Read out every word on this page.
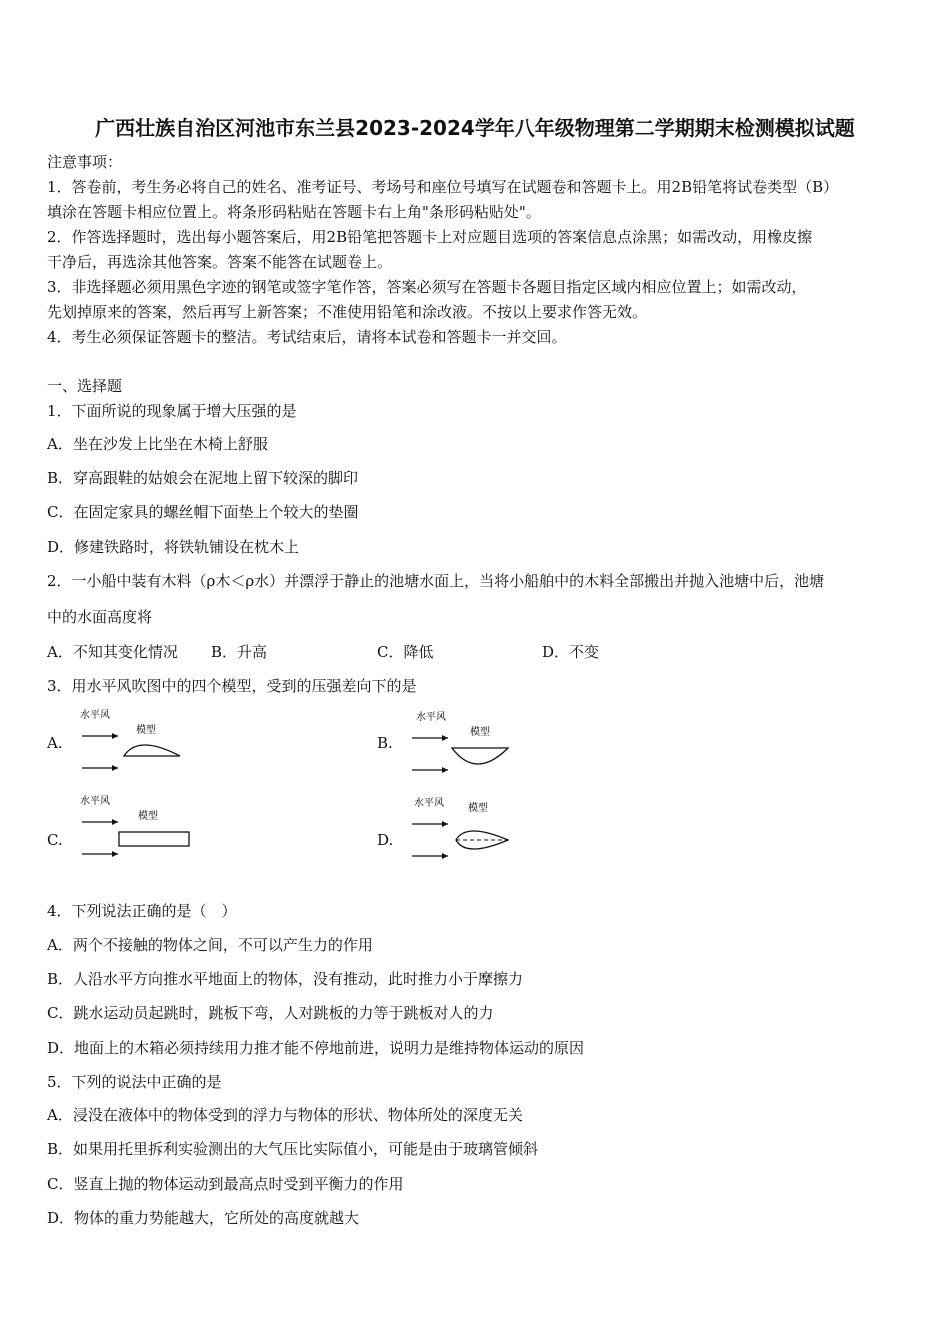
广西壮族自治区河池市东兰县2023-2024学年八年级物理第二学期期末检测模拟试题
注意事项：
1．答卷前，考生务必将自己的姓名、准考证号、考场号和座位号填写在试题卷和答题卡上。用2B铅笔将试卷类型（B）
填涂在答题卡相应位置上。将条形码粘贴在答题卡右上角"条形码粘贴处"。
2．作答选择题时，选出每小题答案后，用2B铅笔把答题卡上对应题目选项的答案信息点涂黑；如需改动，用橡皮擦
干净后，再选涂其他答案。答案不能答在试题卷上。
3．非选择题必须用黑色字迹的钢笔或签字笔作答，答案必须写在答题卡各题目指定区域内相应位置上；如需改动，
先划掉原来的答案，然后再写上新答案；不准使用铅笔和涂改液。不按以上要求作答无效。
4．考生必须保证答题卡的整洁。考试结束后，请将本试卷和答题卡一并交回。
一、选择题
1．下面所说的现象属于增大压强的是
A．坐在沙发上比坐在木椅上舒服
B．穿高跟鞋的姑娘会在泥地上留下较深的脚印
C．在固定家具的螺丝帽下面垫上个较大的垫圈
D．修建铁路时，将铁轨铺设在枕木上
2．一小船中装有木料（ρ木＜ρ水）并漂浮于静止的池塘水面上，当将小船舶中的木料全部搬出并抛入池塘中后，池塘
中的水面高度将
A．不知其变化情况 B．升高	C．降低	D．不变
3．用水平风吹图中的四个模型，受到的压强差向下的是
A.
水平风
模型
B.
水平风
模型
C.
水平风
模型
D.
水平风 模型
4．下列说法正确的是（　）
A．两个不接触的物体之间，不可以产生力的作用
B．人沿水平方向推水平地面上的物体，没有推动，此时推力小于摩擦力
C．跳水运动员起跳时，跳板下弯，人对跳板的力等于跳板对人的力
D．地面上的木箱必须持续用力推才能不停地前进，说明力是维持物体运动的原因
5．下列的说法中正确的是
A．浸没在液体中的物体受到的浮力与物体的形状、物体所处的深度无关
B．如果用托里拆利实验测出的大气压比实际值小，可能是由于玻璃管倾斜
C．竖直上抛的物体运动到最高点时受到平衡力的作用
D．物体的重力势能越大，它所处的高度就越大
